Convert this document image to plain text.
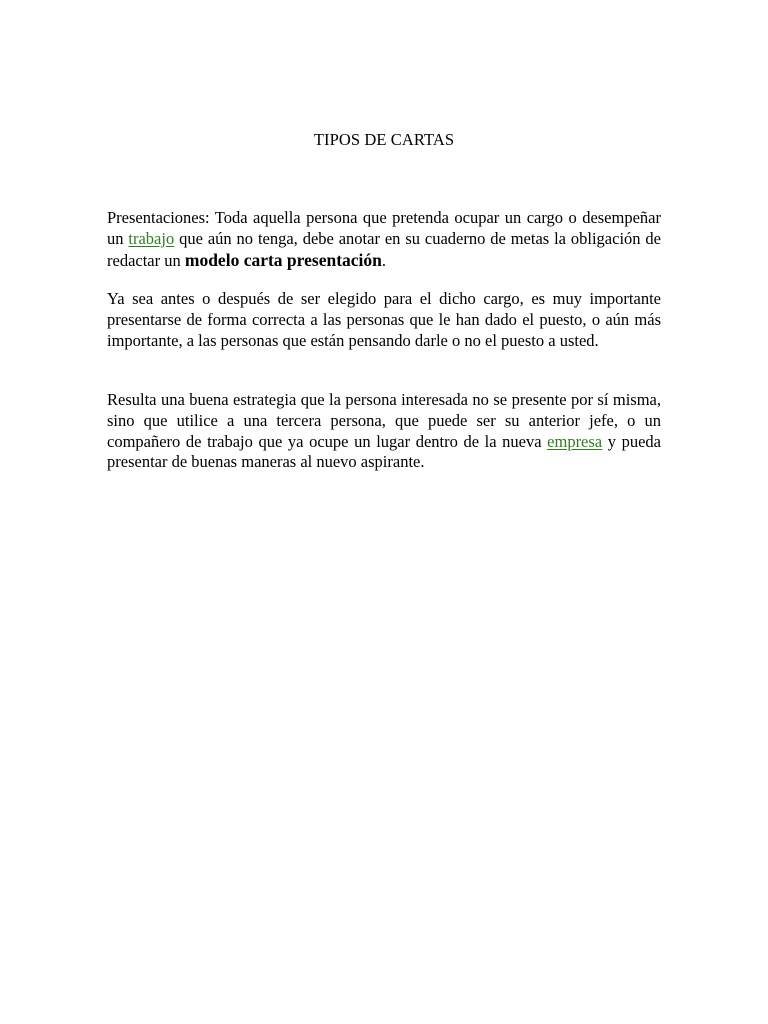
TIPOS DE CARTAS

Presentaciones: Toda aquella persona que pretenda ocupar un cargo o desempeñar un trabajo que aún no tenga, debe anotar en su cuaderno de metas la obligación de redactar un modelo carta presentación.

Ya sea antes o después de ser elegido para el dicho cargo, es muy importante presentarse de forma correcta a las personas que le han dado el puesto, o aún más importante, a las personas que están pensando darle o no el puesto a usted.

Resulta una buena estrategia que la persona interesada no se presente por sí misma, sino que utilice a una tercera persona, que puede ser su anterior jefe, o un compañero de trabajo que ya ocupe un lugar dentro de la nueva empresa y pueda presentar de buenas maneras al nuevo aspirante.
